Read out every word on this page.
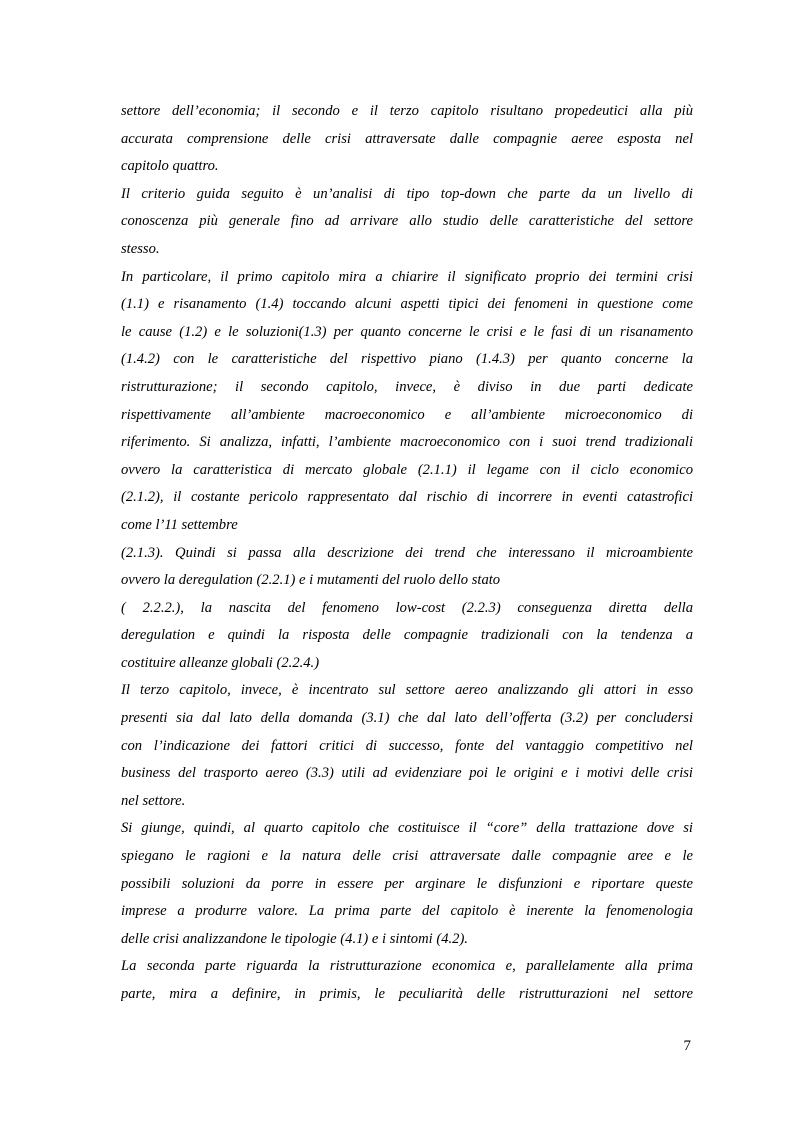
settore dell’economia; il secondo e il terzo capitolo risultano propedeutici alla più
accurata comprensione delle crisi attraversate dalle compagnie aeree esposta nel
capitolo quattro.
Il criterio guida seguito è un’analisi di tipo top-down che parte da un livello di
conoscenza più generale fino ad arrivare allo studio delle caratteristiche del settore
stesso.
In particolare, il primo capitolo mira a chiarire il significato proprio dei termini crisi
(1.1) e risanamento (1.4) toccando alcuni aspetti tipici dei fenomeni in questione come
le cause (1.2) e le soluzioni(1.3) per quanto concerne le crisi e le fasi di un risanamento
(1.4.2) con le caratteristiche del rispettivo piano (1.4.3) per quanto concerne la
ristrutturazione; il secondo capitolo, invece, è diviso in due parti dedicate
rispettivamente all’ambiente macroeconomico e all’ambiente microeconomico di
riferimento. Si analizza, infatti, l’ambiente macroeconomico con i suoi trend tradizionali
ovvero la caratteristica di mercato globale (2.1.1) il legame con il ciclo economico
(2.1.2), il costante pericolo rappresentato dal rischio di incorrere in eventi catastrofici
come l’11 settembre
(2.1.3). Quindi si passa alla descrizione dei trend che interessano il microambiente
ovvero la deregulation (2.2.1) e i mutamenti del ruolo dello stato
( 2.2.2.), la nascita del fenomeno low-cost (2.2.3) conseguenza diretta della
deregulation e quindi la risposta delle compagnie tradizionali con la tendenza a
costituire alleanze globali (2.2.4.)
Il terzo capitolo, invece, è incentrato sul settore aereo analizzando gli attori in esso
presenti sia dal lato della domanda (3.1) che dal lato dell’offerta (3.2) per concludersi
con l’indicazione dei fattori critici di successo, fonte del vantaggio competitivo nel
business del trasporto aereo (3.3) utili ad evidenziare poi le origini e i motivi delle crisi
nel settore.
Si giunge, quindi, al quarto capitolo che costituisce il “core” della trattazione dove si
spiegano le ragioni e la natura delle crisi attraversate dalle compagnie aree e le
possibili soluzioni da porre in essere per arginare le disfunzioni e riportare queste
imprese a produrre valore. La prima parte del capitolo è inerente la fenomenologia
delle crisi analizzandone le tipologie (4.1) e i sintomi (4.2).
La seconda parte riguarda la ristrutturazione economica e, parallelamente alla prima
parte, mira a definire, in primis, le peculiarità delle ristrutturazioni nel settore
7
